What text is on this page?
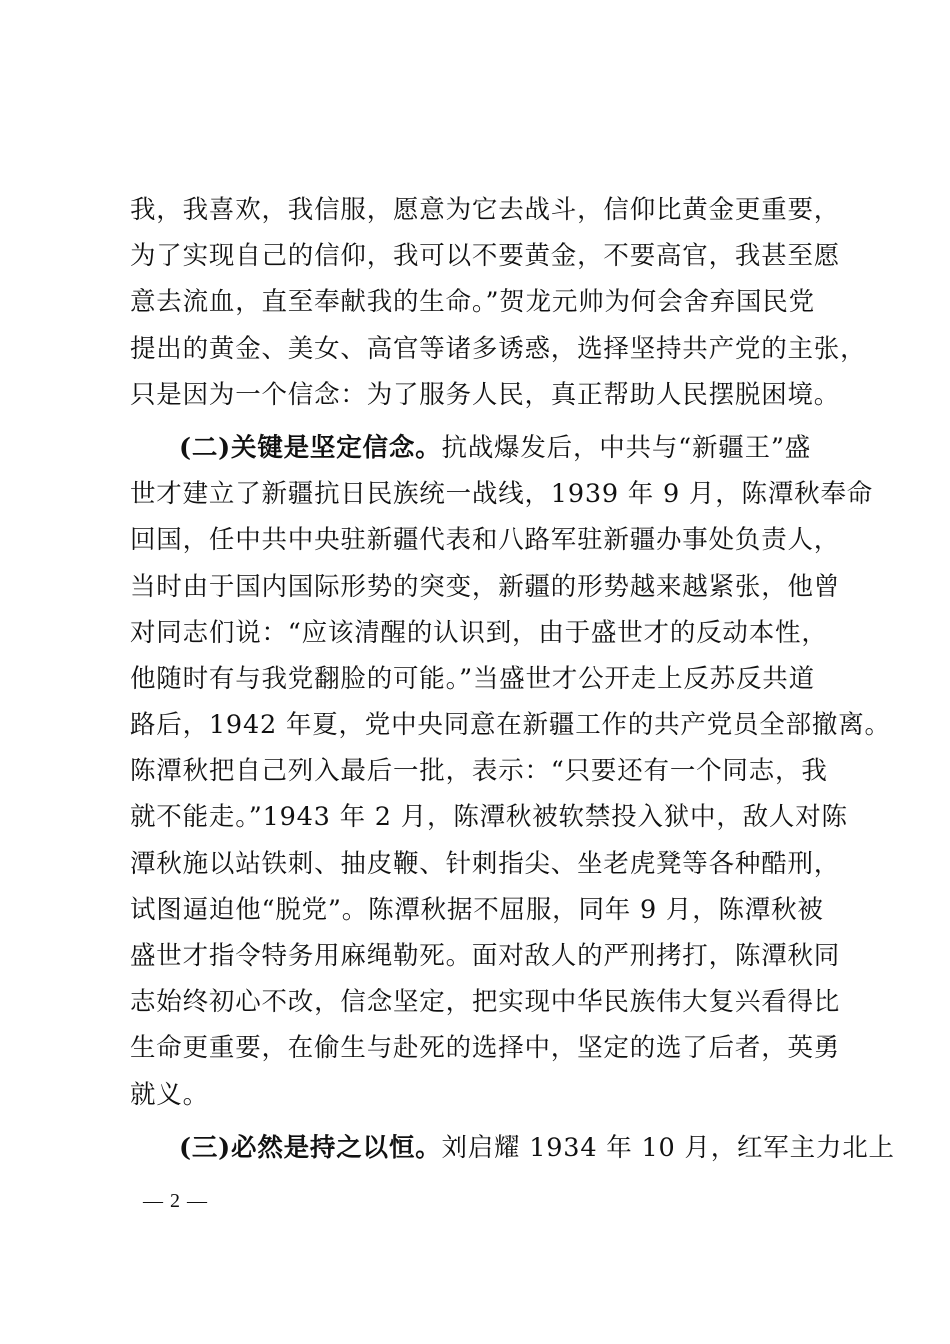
我，我喜欢，我信服，愿意为它去战斗，信仰比黄金更重要，
为了实现自己的信仰，我可以不要黄金，不要高官，我甚至愿
意去流血，直至奉献我的生命。”贺龙元帅为何会舍弃国民党
提出的黄金、美女、高官等诸多诱惑，选择坚持共产党的主张，
只是因为一个信念：为了服务人民，真正帮助人民摆脱困境。
(二)关键是坚定信念。抗战爆发后，中共与“新疆王”盛
世才建立了新疆抗日民族统一战线，1939 年 9 月，陈潭秋奉命
回国，任中共中央驻新疆代表和八路军驻新疆办事处负责人，
当时由于国内国际形势的突变，新疆的形势越来越紧张，他曾
对同志们说：“应该清醒的认识到，由于盛世才的反动本性，
他随时有与我党翻脸的可能。”当盛世才公开走上反苏反共道
路后，1942 年夏，党中央同意在新疆工作的共产党员全部撤离。
陈潭秋把自己列入最后一批，表示：“只要还有一个同志，我
就不能走。”1943 年 2 月，陈潭秋被软禁投入狱中，敌人对陈
潭秋施以站铁刺、抽皮鞭、针刺指尖、坐老虎凳等各种酷刑，
试图逼迫他“脱党”。陈潭秋据不屈服，同年 9 月，陈潭秋被
盛世才指令特务用麻绳勒死。面对敌人的严刑拷打，陈潭秋同
志始终初心不改，信念坚定，把实现中华民族伟大复兴看得比
生命更重要，在偷生与赴死的选择中，坚定的选了后者，英勇
就义。
(三)必然是持之以恒。刘启耀 1934 年 10 月，红军主力北上
— 2 —
